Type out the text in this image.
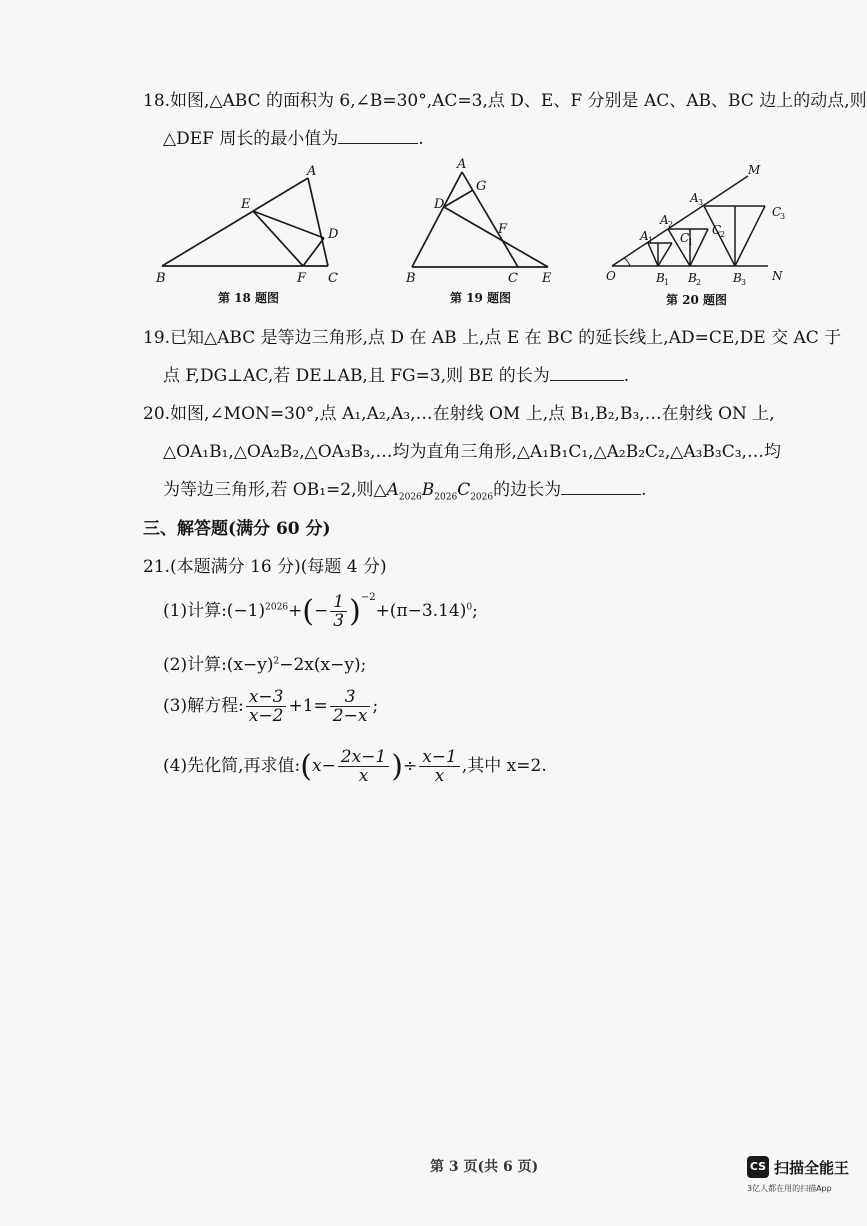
18.如图,△ABC 的面积为 6,∠B=30°,AC=3,点 D、E、F 分别是 AC、AB、BC 边上的动点,则
△DEF 周长的最小值为	.
A
B	C
D
E
F
第 18 题图
A
B	C
D
E
F
G
第 19 题图
O
M
N
A 1
A 2
A 3
B 1 B 2	B 3
C
1
C
2
C
3
第 20 题图
19.已知△ABC 是等边三角形,点 D 在 AB 上,点 E 在 BC 的延长线上,AD=CE,DE 交 AC 于
点 F,DG⊥AC,若 DE⊥AB,且 FG=3,则 BE 的长为	.
20.如图,∠MON=30°,点 A₁,A₂,A₃,…在射线 OM 上,点 B₁,B₂,B₃,…在射线 ON 上,
△OA₁B₁,△OA₂B₂,△OA₃B₃,…均为直角三角形,△A₁B₁C₁,△A₂B₂C₂,△A₃B₃C₃,…均
为等边三角形,若 OB₁=2,则$\triangle A_{2026}B_{2026}C_{2026}$的边长为	.
三、解答题(满分 60 分)
21.(本题满分 16 分)(每题 4 分)
(1)计算$:(-1)^{2026}+(- \frac{1}{3} )^{-2}+(\pi-3.14)^0$;
(2)计算$:(x-y)^2-2x(x-y)$;
(3)解方程: $\frac{x-3}{x-2} +1= \frac{3}{2-x}$ ;
(4)先化简,再求值:(x− $\frac{2x-1}{x}$ )÷ $\frac{x-1}{x}$ ,其中 x=2.
第 3 页(共 6 页)	CS 扫描全能王
3亿人都在用的扫描App
